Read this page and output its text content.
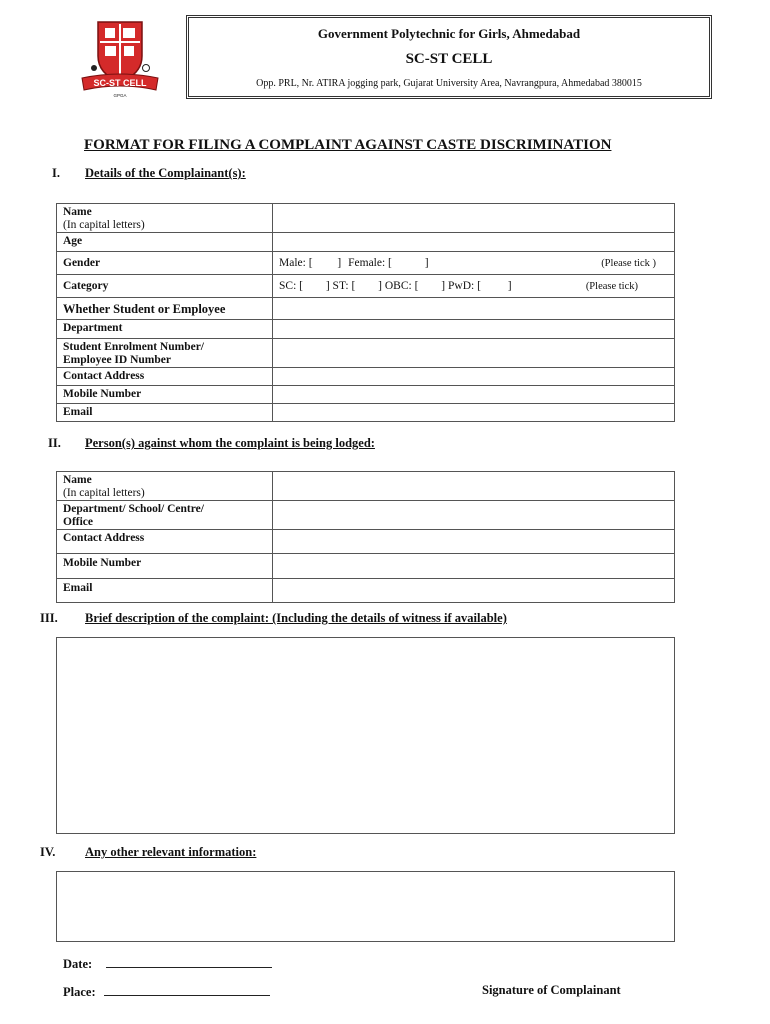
SC-ST CELL
GPGA
Government Polytechnic for Girls, Ahmedabad
SC-ST CELL
Opp. PRL, Nr. ATIRA jogging park, Gujarat University Area, Navrangpura, Ahmedabad 380015
FORMAT FOR FILING A COMPLAINT AGAINST CASTE DISCRIMINATION
I. Details of the Complainant(s):
Name
(In capital letters)	

Age	
Gender	Male: [ ] Female: [ ] (Please tick )

Category	SC: [ ] ST: [ ] OBC: [ ] PwD: [ ] (Please tick)

Whether Student or Employee	
Department	

Student Enrolment Number/
Employee ID Number	

Contact Address	
Mobile Number	
Email	
II. Person(s) against whom the complaint is being lodged:
Name
(In capital letters)	

Department/ School/ Centre/
Office	

Contact Address	
Mobile Number	
Email	
III. Brief description of the complaint: (Including the details of witness if available)
IV. Any other relevant information:
Date:
Place:	Signature of Complainant
